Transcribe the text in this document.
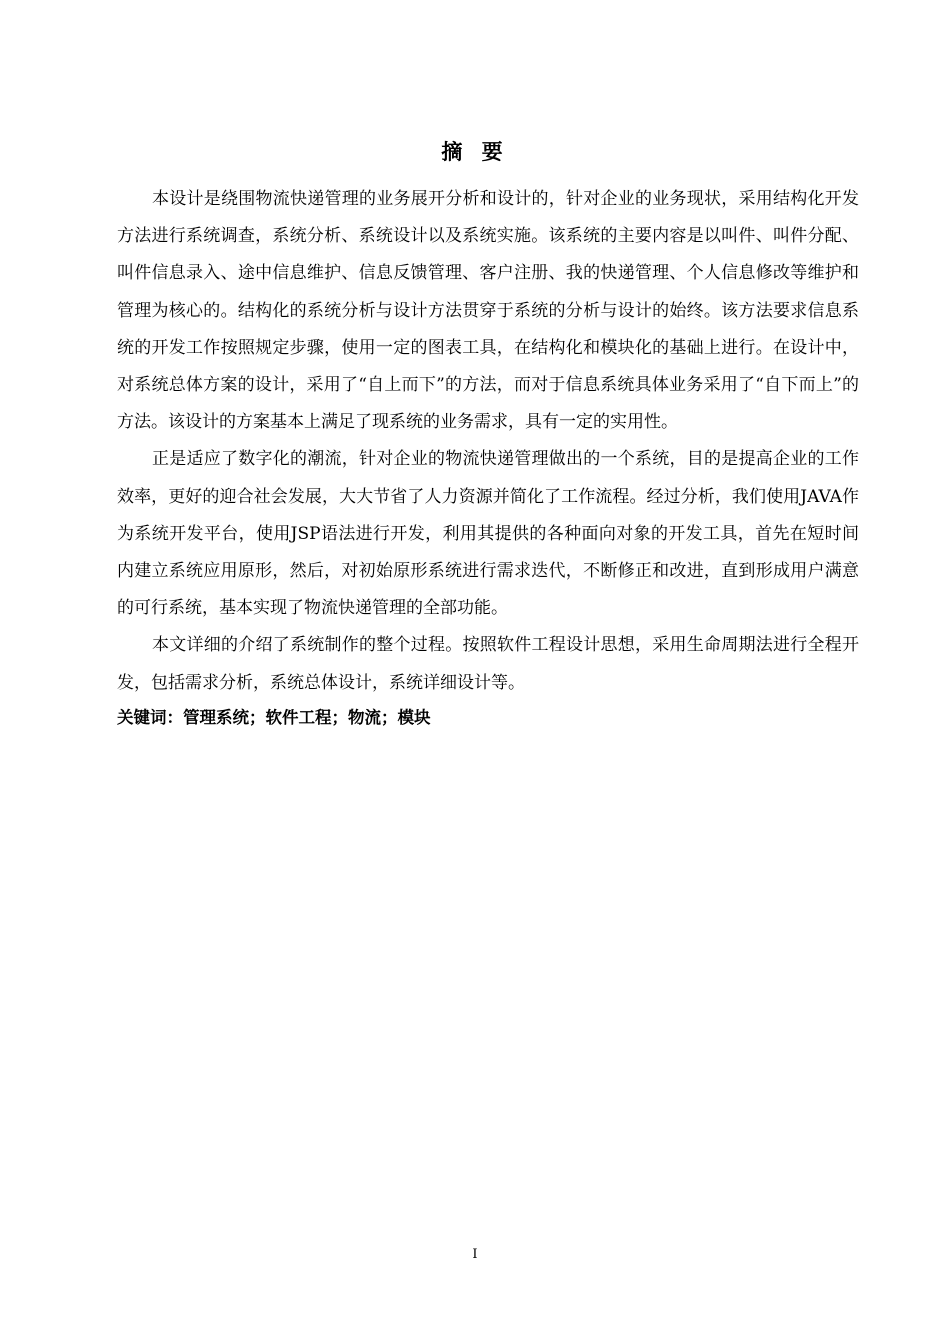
摘 要

本设计是绕围物流快递管理的业务展开分析和设计的，针对企业的业务现状，采用结构化开发方法进行系统调查，系统分析、系统设计以及系统实施。该系统的主要内容是以叫件、叫件分配、叫件信息录入、途中信息维护、信息反馈管理、客户注册、我的快递管理、个人信息修改等维护和管理为核心的。结构化的系统分析与设计方法贯穿于系统的分析与设计的始终。该方法要求信息系统的开发工作按照规定步骤，使用一定的图表工具，在结构化和模块化的基础上进行。在设计中，对系统总体方案的设计，采用了“自上而下”的方法，而对于信息系统具体业务采用了“自下而上”的方法。该设计的方案基本上满足了现系统的业务需求，具有一定的实用性。

正是适应了数字化的潮流，针对企业的物流快递管理做出的一个系统，目的是提高企业的工作效率，更好的迎合社会发展，大大节省了人力资源并简化了工作流程。经过分析，我们使用JAVA作为系统开发平台，使用JSP语法进行开发，利用其提供的各种面向对象的开发工具，首先在短时间内建立系统应用原形，然后，对初始原形系统进行需求迭代，不断修正和改进，直到形成用户满意的可行系统，基本实现了物流快递管理的全部功能。

本文详细的介绍了系统制作的整个过程。按照软件工程设计思想，采用生命周期法进行全程开发，包括需求分析，系统总体设计，系统详细设计等。

关键词：管理系统；软件工程；物流；模块

I
